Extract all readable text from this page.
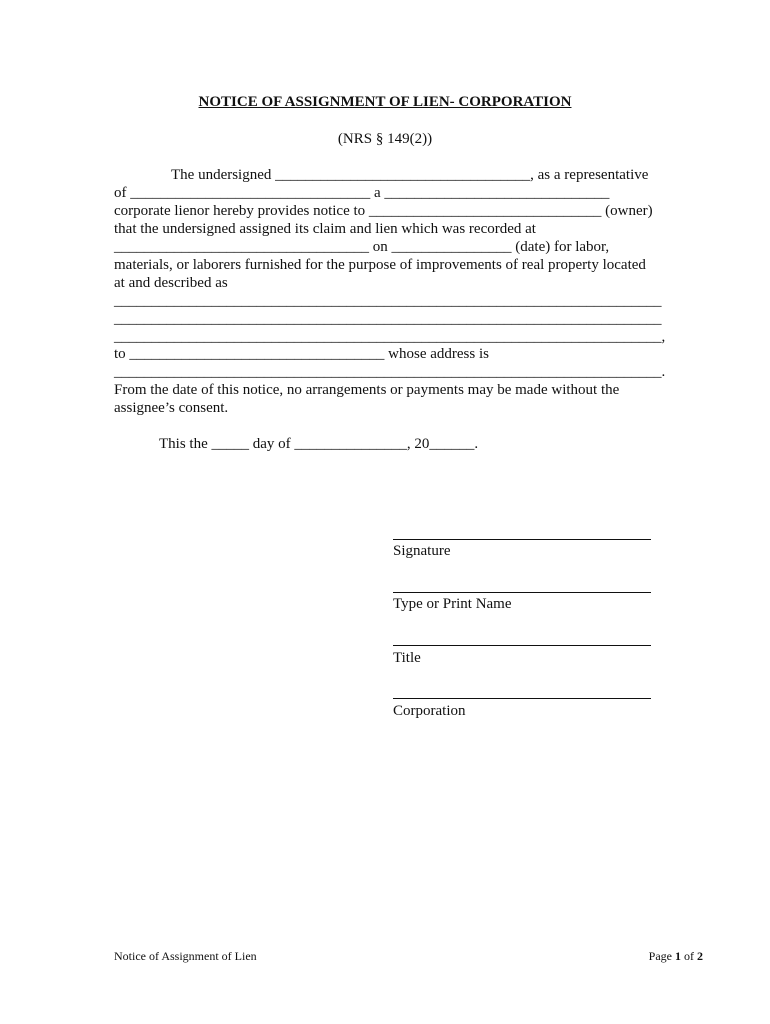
NOTICE OF ASSIGNMENT OF LIEN- CORPORATION
(NRS § 149(2))
The undersigned __________________________________, as a representative
of ________________________________ a ______________________________
corporate lienor hereby provides notice to _______________________________ (owner)
that the undersigned assigned its claim and lien which was recorded at
__________________________________ on ________________ (date) for labor,
materials, or laborers furnished for the purpose of improvements of real property located
at and described as
_________________________________________________________________________
_________________________________________________________________________
_________________________________________________________________________,
to __________________________________ whose address is
_________________________________________________________________________.
From the date of this notice, no arrangements or payments may be made without the
assignee’s consent.
This the _____ day of _______________, 20______.
Signature
Type or Print Name
Title
Corporation
Notice of Assignment of Lien	Page 1 of 2
